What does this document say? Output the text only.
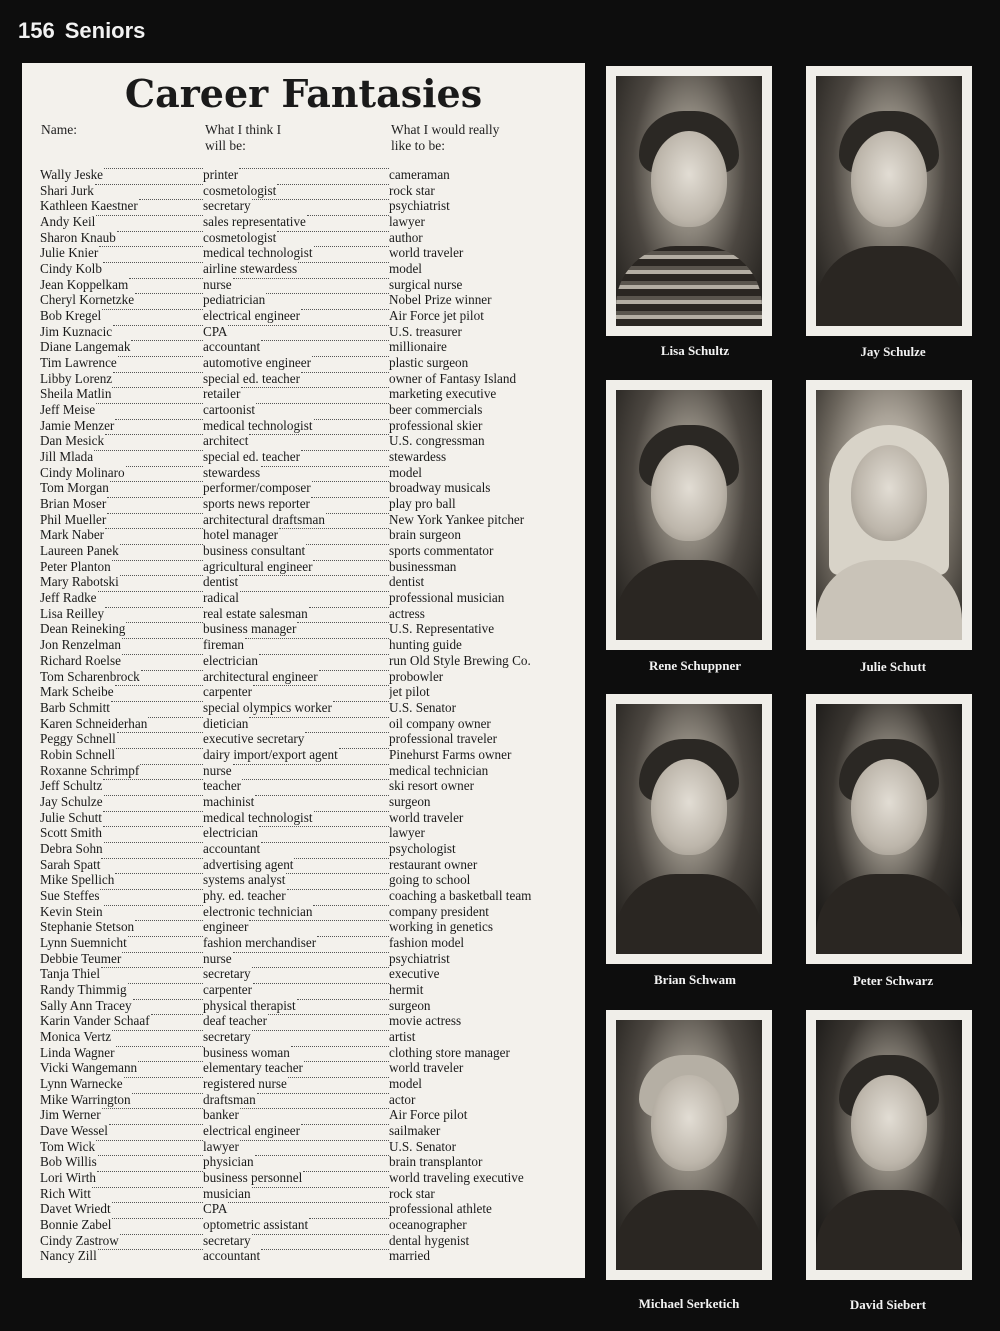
156 Seniors
Career Fantasies
Name:	What I think I
will be:
What I would really
like to be:
Wally Jeske	printer	cameraman
Shari Jurk	cosmetologist	rock star
Kathleen Kaestner	secretary	psychiatrist
Andy Keil	sales representative	lawyer
Sharon Knaub	cosmetologist	author
Julie Knier	medical technologist	world traveler
Cindy Kolb	airline stewardess	model
Jean Koppelkam	nurse	surgical nurse
Cheryl Kornetzke	pediatrician	Nobel Prize winner
Bob Kregel	electrical engineer	Air Force jet pilot
Jim Kuznacic	CPA	U.S. treasurer
Diane Langemak	accountant	millionaire
Tim Lawrence	automotive engineer	plastic surgeon
Libby Lorenz	special ed. teacher	owner of Fantasy Island
Sheila Matlin	retailer	marketing executive
Jeff Meise	cartoonist	beer commercials
Jamie Menzer	medical technologist	professional skier
Dan Mesick	architect	U.S. congressman
Jill Mlada	special ed. teacher	stewardess
Cindy Molinaro	stewardess	model
Tom Morgan	performer/composer	broadway musicals
Brian Moser	sports news reporter	play pro ball
Phil Mueller	architectural draftsman	New York Yankee pitcher
Mark Naber	hotel manager	brain surgeon
Laureen Panek	business consultant	sports commentator
Peter Planton	agricultural engineer	businessman
Mary Rabotski	dentist	dentist
Jeff Radke	radical	professional musician
Lisa Reilley	real estate salesman	actress
Dean Reineking	business manager	U.S. Representative
Jon Renzelman	fireman	hunting guide
Richard Roelse	electrician	run Old Style Brewing Co.
Tom Scharenbrock	architectural engineer	probowler
Mark Scheibe	carpenter	jet pilot
Barb Schmitt	special olympics worker	U.S. Senator
Karen Schneiderhan	dietician	oil company owner
Peggy Schnell	executive secretary	professional traveler
Robin Schnell	dairy import/export agent	Pinehurst Farms owner
Roxanne Schrimpf	nurse	medical technician
Jeff Schultz	teacher	ski resort owner
Jay Schulze	machinist	surgeon
Julie Schutt	medical technologist	world traveler
Scott Smith	electrician	lawyer
Debra Sohn	accountant	psychologist
Sarah Spatt	advertising agent	restaurant owner
Mike Spellich	systems analyst	going to school
Sue Steffes	phy. ed. teacher	coaching a basketball team
Kevin Stein	electronic technician	company president
Stephanie Stetson	engineer	working in genetics
Lynn Suemnicht	fashion merchandiser	fashion model
Debbie Teumer	nurse	psychiatrist
Tanja Thiel	secretary	executive
Randy Thimmig	carpenter	hermit
Sally Ann Tracey	physical therapist	surgeon
Karin Vander Schaaf	deaf teacher	movie actress
Monica Vertz	secretary	artist
Linda Wagner	business woman	clothing store manager
Vicki Wangemann	elementary teacher	world traveler
Lynn Warnecke	registered nurse	model
Mike Warrington	draftsman	actor
Jim Werner	banker	Air Force pilot
Dave Wessel	electrical engineer	sailmaker
Tom Wick	lawyer	U.S. Senator
Bob Willis	physician	brain transplantor
Lori Wirth	business personnel	world traveling executive
Rich Witt	musician	rock star
Davet Wriedt	CPA	professional athlete
Bonnie Zabel	optometric assistant	oceanographer
Cindy Zastrow	secretary	dental hygenist
Nancy Zill	accountant	married
Lisa Schultz	Jay Schulze
Rene Schuppner	Julie Schutt
Brian Schwam	Peter Schwarz
Michael Serketich	David Siebert
